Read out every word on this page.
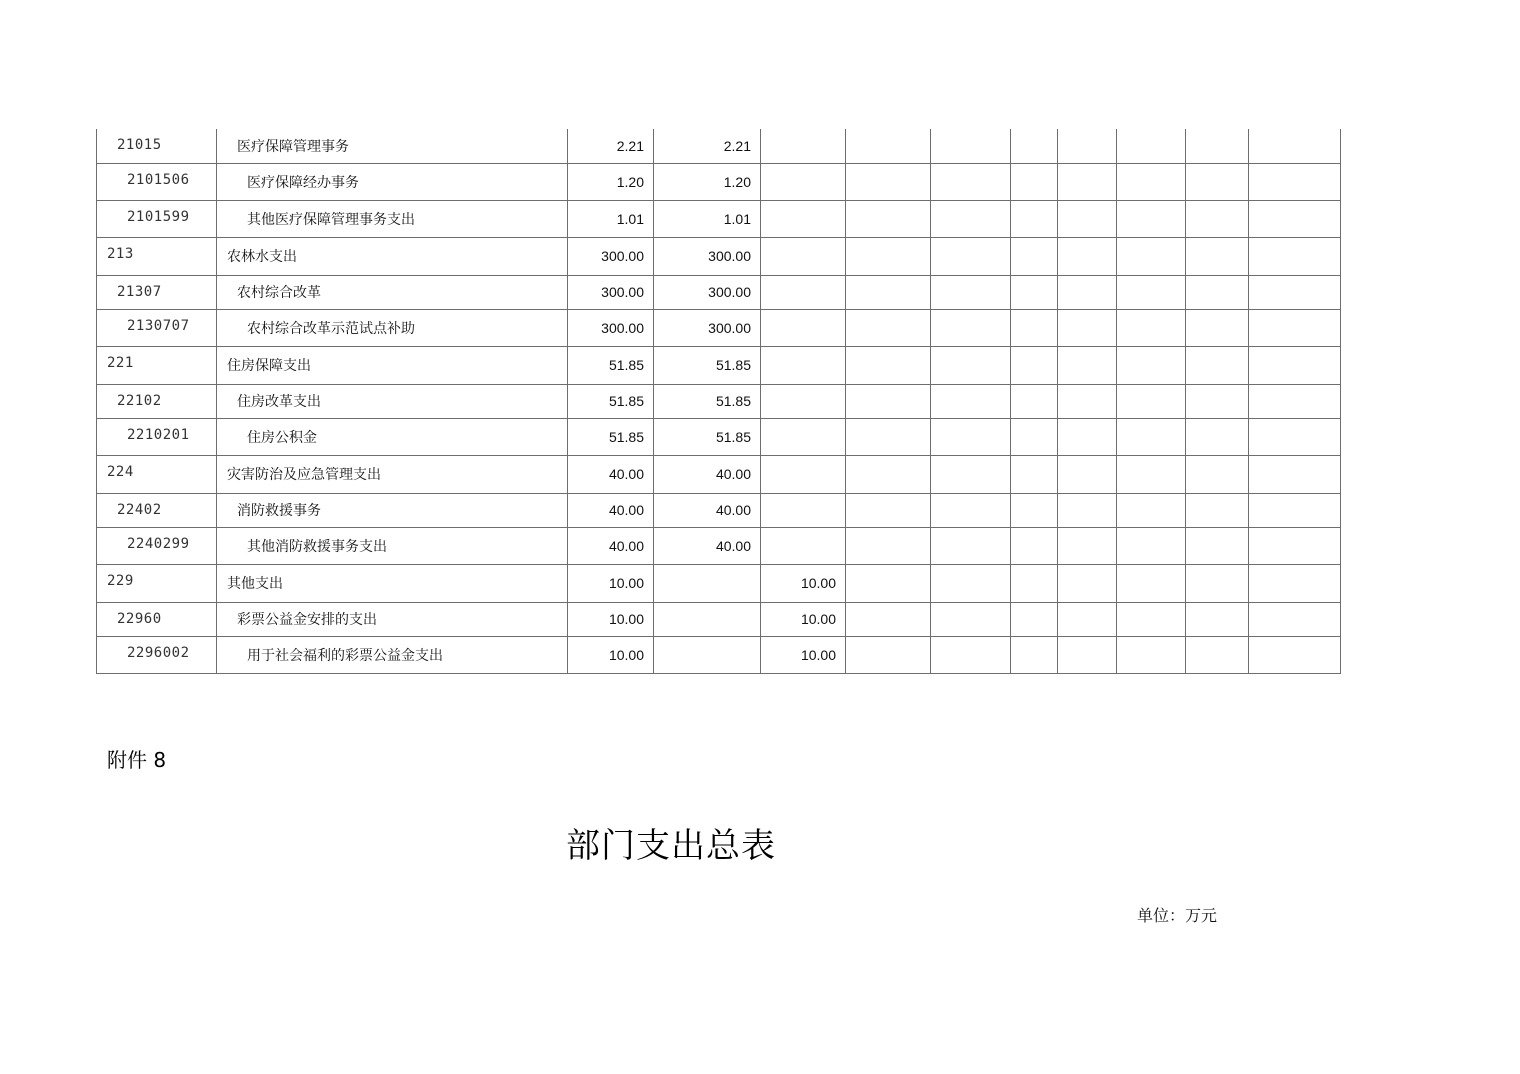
21015	医疗保障管理事务	2.21	2.21								
2101506	医疗保障经办事务	1.20	1.20								
2101599	其他医疗保障管理事务支出	1.01	1.01								
213	农林水支出	300.00	300.00								
21307	农村综合改革	300.00	300.00								
2130707	农村综合改革示范试点补助	300.00	300.00								
221	住房保障支出	51.85	51.85								
22102	住房改革支出	51.85	51.85								
2210201	住房公积金	51.85	51.85								
224	灾害防治及应急管理支出	40.00	40.00								
22402	消防救援事务	40.00	40.00								
2240299	其他消防救援事务支出	40.00	40.00								
229	其他支出	10.00		10.00							
22960	彩票公益金安排的支出	10.00		10.00							
2296002	用于社会福利的彩票公益金支出	10.00		10.00							
附件 8
部门支出总表
单位：万元
